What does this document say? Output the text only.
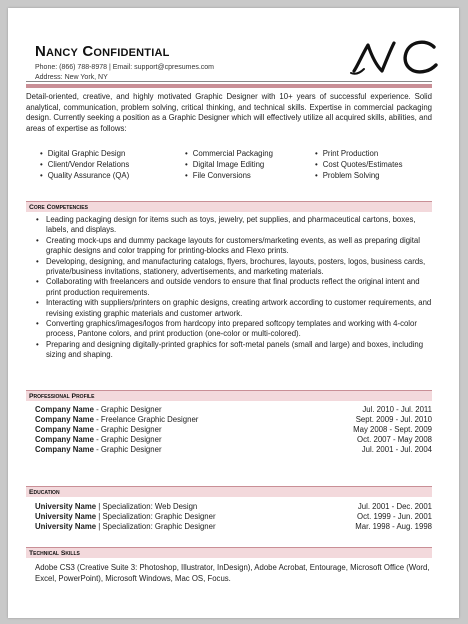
Nancy Confidential
Phone: (866) 788-8978 | Email: support@cpresumes.com
Address: New York, NY

Detail-oriented, creative, and highly motivated Graphic Designer with 10+ years of successful experience. Solid analytical, communication, problem solving, critical thinking, and technical skills. Expertise in commercial packaging design. Currently seeking a position as a Graphic Designer which will effectively utilize all acquired skills, abilities, and areas of expertise as follows:

• Digital Graphic Design	• Commercial Packaging	• Print Production
• Client/Vendor Relations	• Digital Image Editing	• Cost Quotes/Estimates
• Quality Assurance (QA)	• File Conversions	• Problem Solving
Core Competencies
• Leading packaging design for items such as toys, jewelry, pet supplies, and pharmaceutical cartons, boxes, labels, and displays.
• Creating mock-ups and dummy package layouts for customers/marketing events, as well as preparing digital graphic designs and color trapping for printing-blocks and Flexo prints.
• Developing, designing, and manufacturing catalogs, flyers, brochures, layouts, posters, logos, business cards, private/business invitations, stationery, advertisements, and marketing materials.
• Collaborating with freelancers and outside vendors to ensure that final products reflect the original intent and print production requirements.
• Interacting with suppliers/printers on graphic designs, creating artwork according to customer requirements, and revising existing graphic materials and customer artwork.
• Converting graphics/images/logos from hardcopy into prepared softcopy templates and working with 4-color process, Pantone colors, and print production (one-color or multi-colored).
• Preparing and designing digitally-printed graphics for soft-metal panels (small and large) and boxes, including sizing and shaping.
Professional Profile
Company Name - Graphic Designer	Jul. 2010 - Jul. 2011
Company Name - Freelance Graphic Designer	Sept. 2009 - Jul. 2010
Company Name - Graphic Designer	May 2008 - Sept. 2009
Company Name - Graphic Designer	Oct. 2007 - May 2008
Company Name - Graphic Designer	Jul. 2001 - Jul. 2004
Education
University Name | Specialization: Web Design	Jul. 2001 - Dec. 2001
University Name | Specialization: Graphic Designer	Oct. 1999 - Jun. 2001
University Name | Specialization: Graphic Designer	Mar. 1998 - Aug. 1998
Technical Skills

Adobe CS3 (Creative Suite 3: Photoshop, Illustrator, InDesign), Adobe Acrobat, Entourage, Microsoft Office (Word, Excel, PowerPoint), Microsoft Windows, Mac OS, Focus.
